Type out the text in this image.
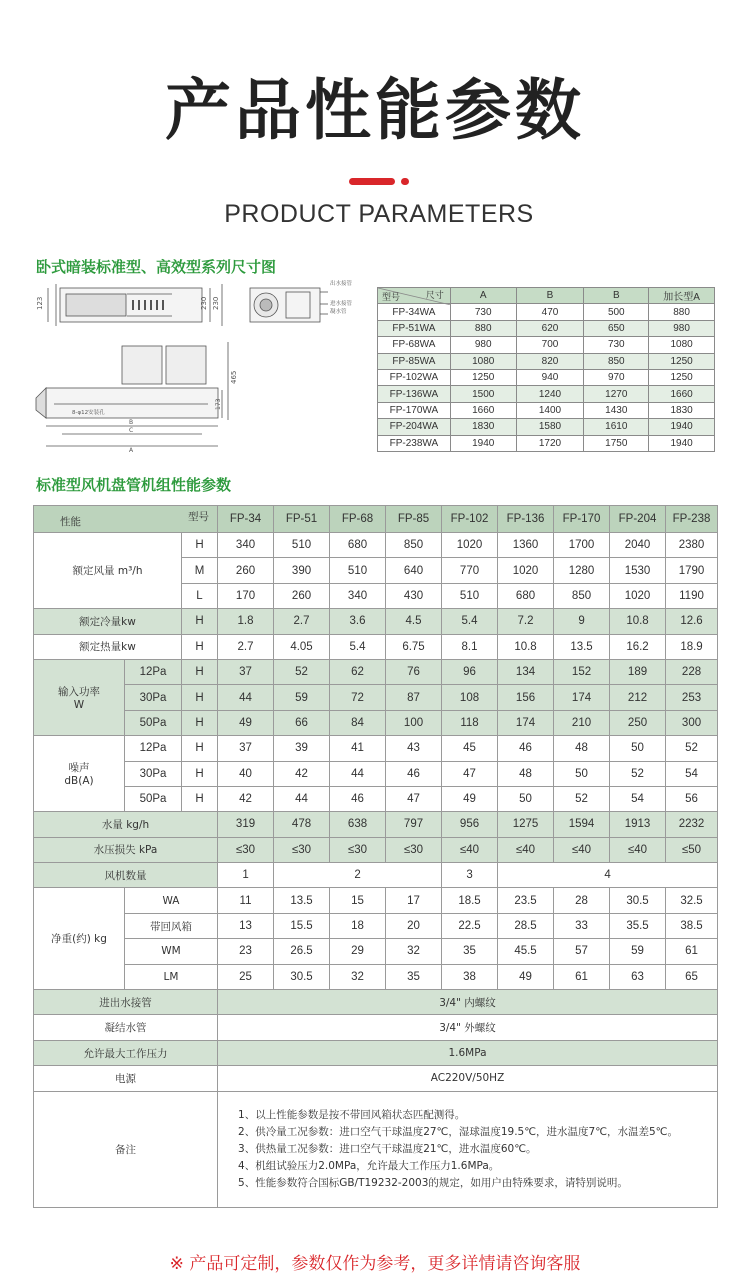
产品性能参数
PRODUCT PARAMETERS
卧式暗装标准型、高效型系列尺寸图
123	230 230
出水接管
进水接管
凝水管
8-φ12安装孔
B
C
A
465
173
尺寸
型号	A	B	B	加长型A
FP-34WA	730	470	500	880
FP-51WA	880	620	650	980
FP-68WA	980	700	730	1080
FP-85WA	1080	820	850	1250
FP-102WA	1250	940	970	1250
FP-136WA	1500	1240	1270	1660
FP-170WA	1660	1400	1430	1830
FP-204WA	1830	1580	1610	1940
FP-238WA	1940	1720	1750	1940
标准型风机盘管机组性能参数
性能 型号			FP-34	FP-51	FP-68	FP-85	FP-102	FP-136	FP-170	FP-204	FP-238
额定风量 m³/h		H	340	510	680	850	1020	1360	1700	2040	2380
		M	260	390	510	640	770	1020	1280	1530	1790
		L	170	260	340	430	510	680	850	1020	1190
额定冷量kw		H	1.8	2.7	3.6	4.5	5.4	7.2	9	10.8	12.6
额定热量kw		H	2.7	4.05	5.4	6.75	8.1	10.8	13.5	16.2	18.9

输入功率
W	12Pa	H	37	52	62	76	96	134	152	189	228
	30Pa	H	44	59	72	87	108	156	174	212	253
	50Pa	H	49	66	84	100	118	174	210	250	300

噪声
dB(A)	12Pa	H	37	39	41	43	45	46	48	50	52
	30Pa	H	40	42	44	46	47	48	50	52	54
	50Pa	H	42	44	46	47	49	50	52	54	56
水量 kg/h			319	478	638	797	956	1275	1594	1913	2232
水压损失 kPa			≤30	≤30	≤30	≤30	≤40	≤40	≤40	≤40	≤50
风机数量			1	2			3	4			
净重(约) kg	WA		11	13.5	15	17	18.5	23.5	28	30.5	32.5
	带回风箱		13	15.5	18	20	22.5	28.5	33	35.5	38.5
	WM		23	26.5	29	32	35	45.5	57	59	61
	LM		25	30.5	32	35	38	49	61	63	65
进出水接管			3/4" 内螺纹								
凝结水管			3/4" 外螺纹								
允许最大工作压力			1.6MPa								
电源			AC220V/50HZ								
备注			1、以上性能参数是按不带回风箱状态匹配测得。
2、供冷量工况参数：进口空气干球温度27℃，湿球温度19.5℃，进水温度7℃，水温差5℃。
3、供热量工况参数：进口空气干球温度21℃，进水温度60℃。
4、机组试验压力2.0MPa，允许最大工作压力1.6MPa。
5、性能参数符合国标GB/T19232-2003的规定，如用户由特殊要求，请特别说明。								
※ 产品可定制，参数仅作为参考，更多详情请咨询客服
